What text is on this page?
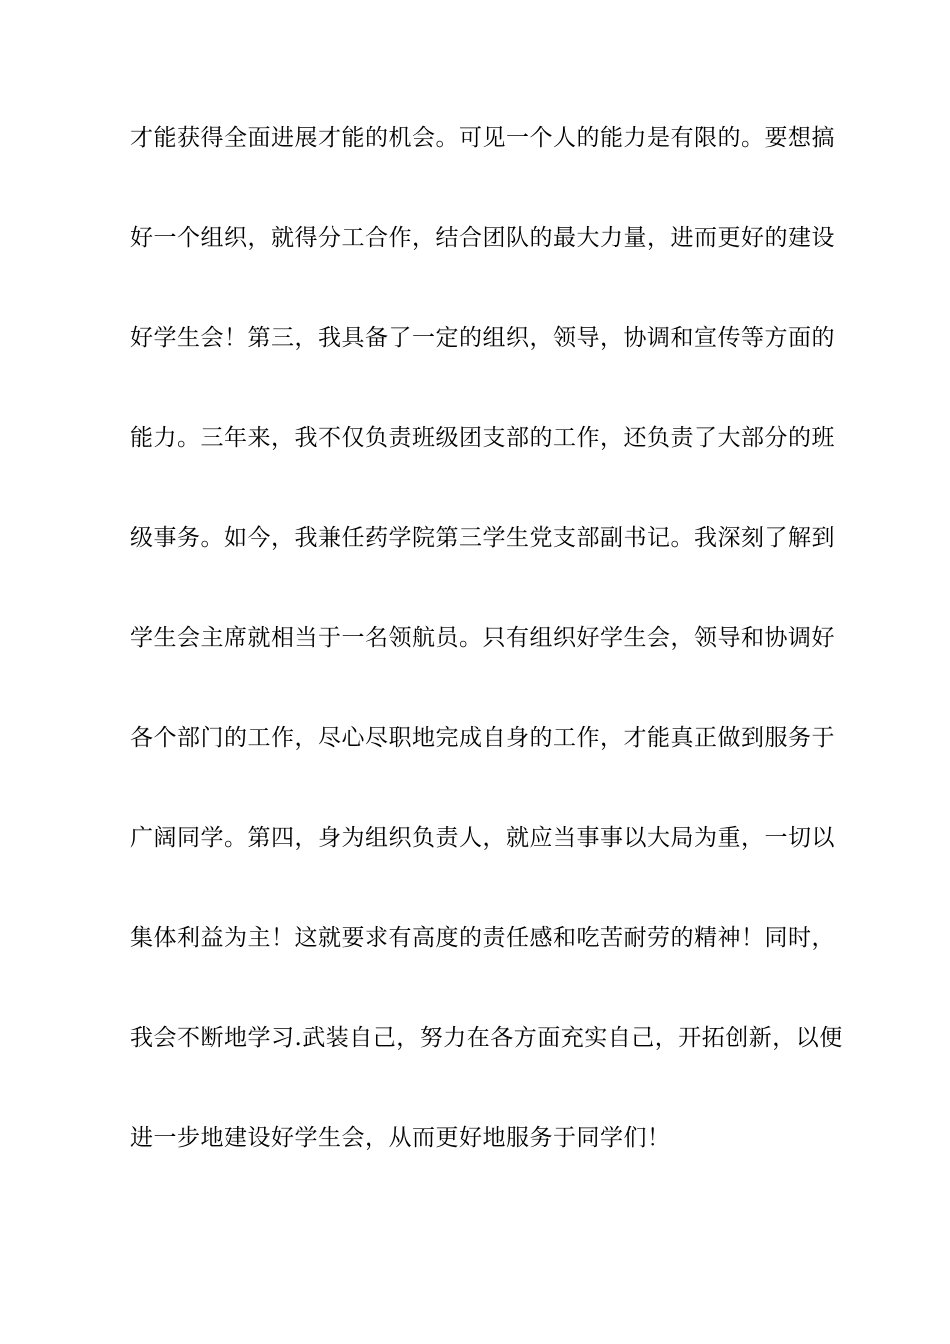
才能获得全面进展才能的机会。可见一个人的能力是有限的。要想搞
好一个组织，就得分工合作，结合团队的最大力量，进而更好的建设
好学生会！第三，我具备了一定的组织，领导，协调和宣传等方面的
能力。三年来，我不仅负责班级团支部的工作，还负责了大部分的班
级事务。如今，我兼任药学院第三学生党支部副书记。我深刻了解到
学生会主席就相当于一名领航员。只有组织好学生会，领导和协调好
各个部门的工作，尽心尽职地完成自身的工作，才能真正做到服务于
广阔同学。第四，身为组织负责人，就应当事事以大局为重，一切以
集体利益为主！这就要求有高度的责任感和吃苦耐劳的精神！同时，
我会不断地学习.武装自己，努力在各方面充实自己，开拓创新，以便
进一步地建设好学生会，从而更好地服务于同学们！
